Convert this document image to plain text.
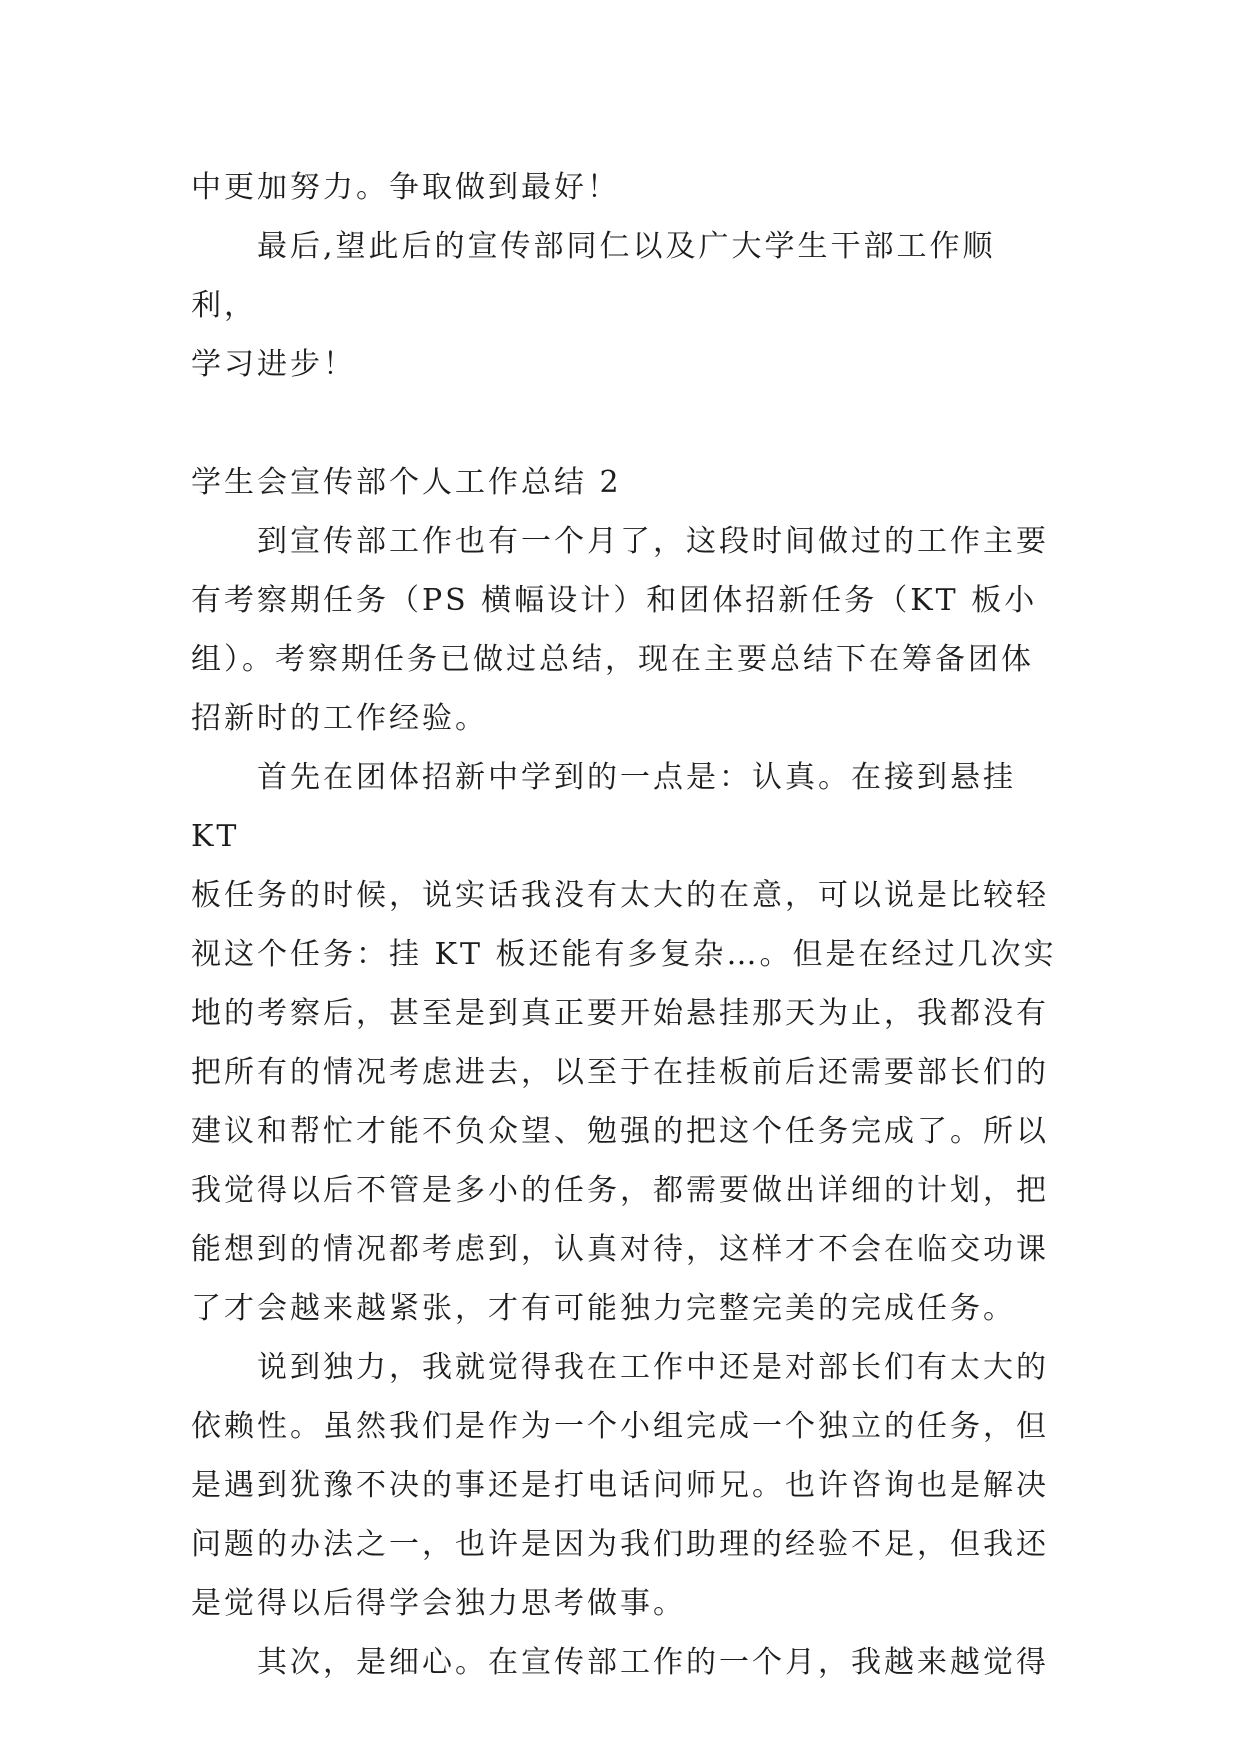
中更加努力。争取做到最好！

最后,望此后的宣传部同仁以及广大学生干部工作顺利，
学习进步！

学生会宣传部个人工作总结 2

到宣传部工作也有一个月了，这段时间做过的工作主要
有考察期任务（PS 横幅设计）和团体招新任务（KT 板小
组）。考察期任务已做过总结，现在主要总结下在筹备团体
招新时的工作经验。

首先在团体招新中学到的一点是：认真。在接到悬挂 KT
板任务的时候，说实话我没有太大的在意，可以说是比较轻
视这个任务：挂 KT 板还能有多复杂…。但是在经过几次实
地的考察后，甚至是到真正要开始悬挂那天为止，我都没有
把所有的情况考虑进去，以至于在挂板前后还需要部长们的
建议和帮忙才能不负众望、勉强的把这个任务完成了。所以
我觉得以后不管是多小的任务，都需要做出详细的计划，把
能想到的情况都考虑到，认真对待，这样才不会在临交功课
了才会越来越紧张，才有可能独力完整完美的完成任务。

说到独力，我就觉得我在工作中还是对部长们有太大的
依赖性。虽然我们是作为一个小组完成一个独立的任务，但
是遇到犹豫不决的事还是打电话问师兄。也许咨询也是解决
问题的办法之一，也许是因为我们助理的经验不足，但我还
是觉得以后得学会独力思考做事。

其次，是细心。在宣传部工作的一个月，我越来越觉得
